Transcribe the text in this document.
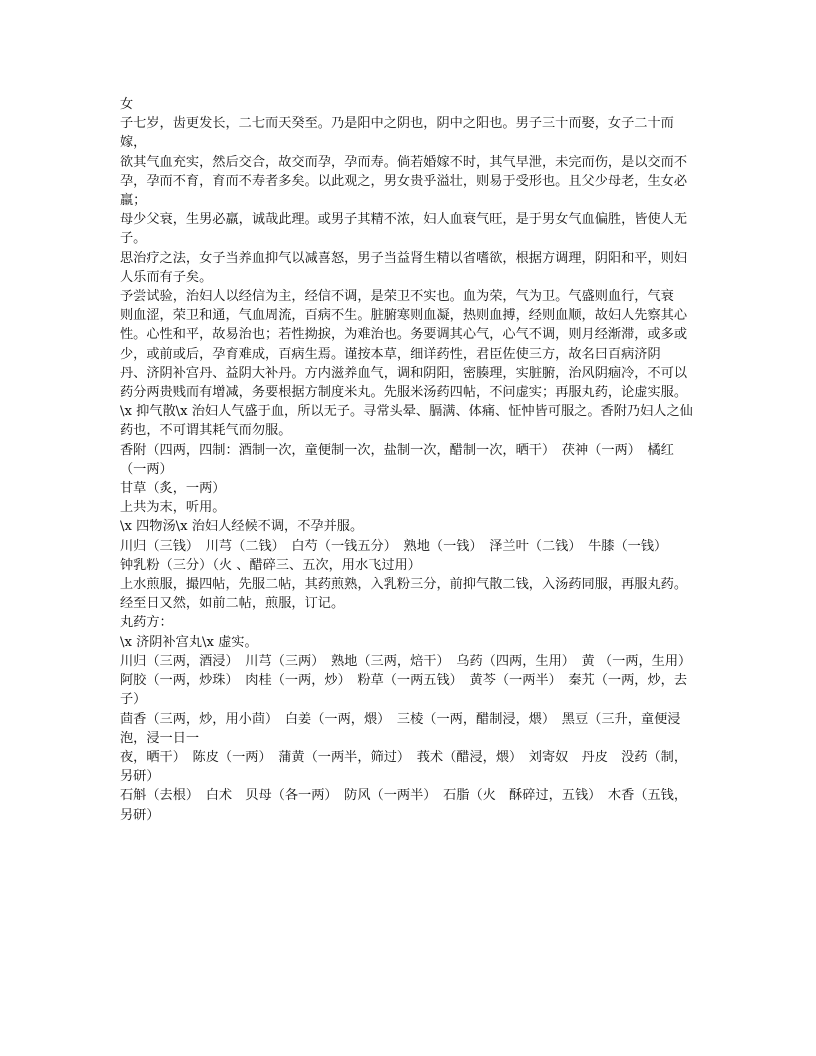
女

子七岁，齿更发长，二七而天癸至。乃是阳中之阴也，阴中之阳也。男子三十而娶，女子二十而嫁，

欲其气血充实，然后交合，故交而孕，孕而寿。倘若婚嫁不时，其气早泄，未完而伤，是以交而不

孕，孕而不育，育而不寿者多矣。以此观之，男女贵乎溢壮，则易于受形也。且父少母老，生女必羸；

母少父衰，生男必羸，诚哉此理。或男子其精不浓，妇人血衰气旺，是于男女气血偏胜，皆使人无子。

思治疗之法，女子当养血抑气以减喜怒，男子当益肾生精以省嗜欲，根据方调理，阴阳和平，则妇

人乐而有子矣。

予尝试验，治妇人以经信为主，经信不调，是荣卫不实也。血为荣，气为卫。气盛则血行，气衰

则血涩，荣卫和通，气血周流，百病不生。脏腑寒则血凝，热则血搏，经则血顺，故妇人先察其心

性。心性和平，故易治也；若性拗捩，为难治也。务要调其心气，心气不调，则月经渐滞，或多或少，或前或后，孕育难成，百病生焉。谨按本草，细详药性，君臣佐使三方，故名曰百病济阴

丹、济阴补宫丹、益阴大补丹。方内滋养血气，调和阴阳，密腠理，实脏腑，治风阴痼冷，不可以

药分两贵贱而有增减，务要根据方制度米丸。先服米汤药四帖，不问虚实；再服丸药，论虚实服。

\x 抑气散\x 治妇人气盛于血，所以无子。寻常头晕、膈满、体痛、怔忡皆可服之。香附乃妇人之仙药也，不可谓其耗气而勿服。

香附（四两，四制：酒制一次，童便制一次，盐制一次，醋制一次，晒干）　茯神（一两）　橘红（一两）

甘草（炙，一两）

上共为末，听用。

\x 四物汤\x 治妇人经候不调，不孕并服。

川归（三钱）　川芎（二钱）　白芍（一钱五分）　熟地（一钱）　泽兰叶（二钱）　牛膝（一钱）

钟乳粉（三分）（火 、醋碎三、五次，用水飞过用）

上水煎服，撮四帖，先服二帖，其药煎熟，入乳粉三分，前抑气散二钱，入汤药同服，再服丸药。

经至日又然，如前二帖，煎服，订记。

丸药方：

\x 济阴补宫丸\x 虚实。

川归（三两，酒浸）　川芎（三两）　熟地（三两，焙干）　乌药（四两，生用）　黄 （一两，生用）

阿胶（一两，炒珠）　肉桂（一两，炒）　粉草（一两五钱）　黄芩（一两半）　秦艽（一两，炒，去子）

茴香（三两，炒，用小茴）　白姜（一两，煨）　三棱（一两，醋制浸，煨）　黑豆（三升，童便浸泡，浸一日一

夜，晒干）　陈皮（一两）　蒲黄（一两半，筛过）　莪术（醋浸，煨）　刘寄奴　丹皮　没药（制，另研）

石斛（去根）　白术　贝母（各一两）　防风（一两半）　石脂（火　酥碎过，五钱）　木香（五钱，另研）
